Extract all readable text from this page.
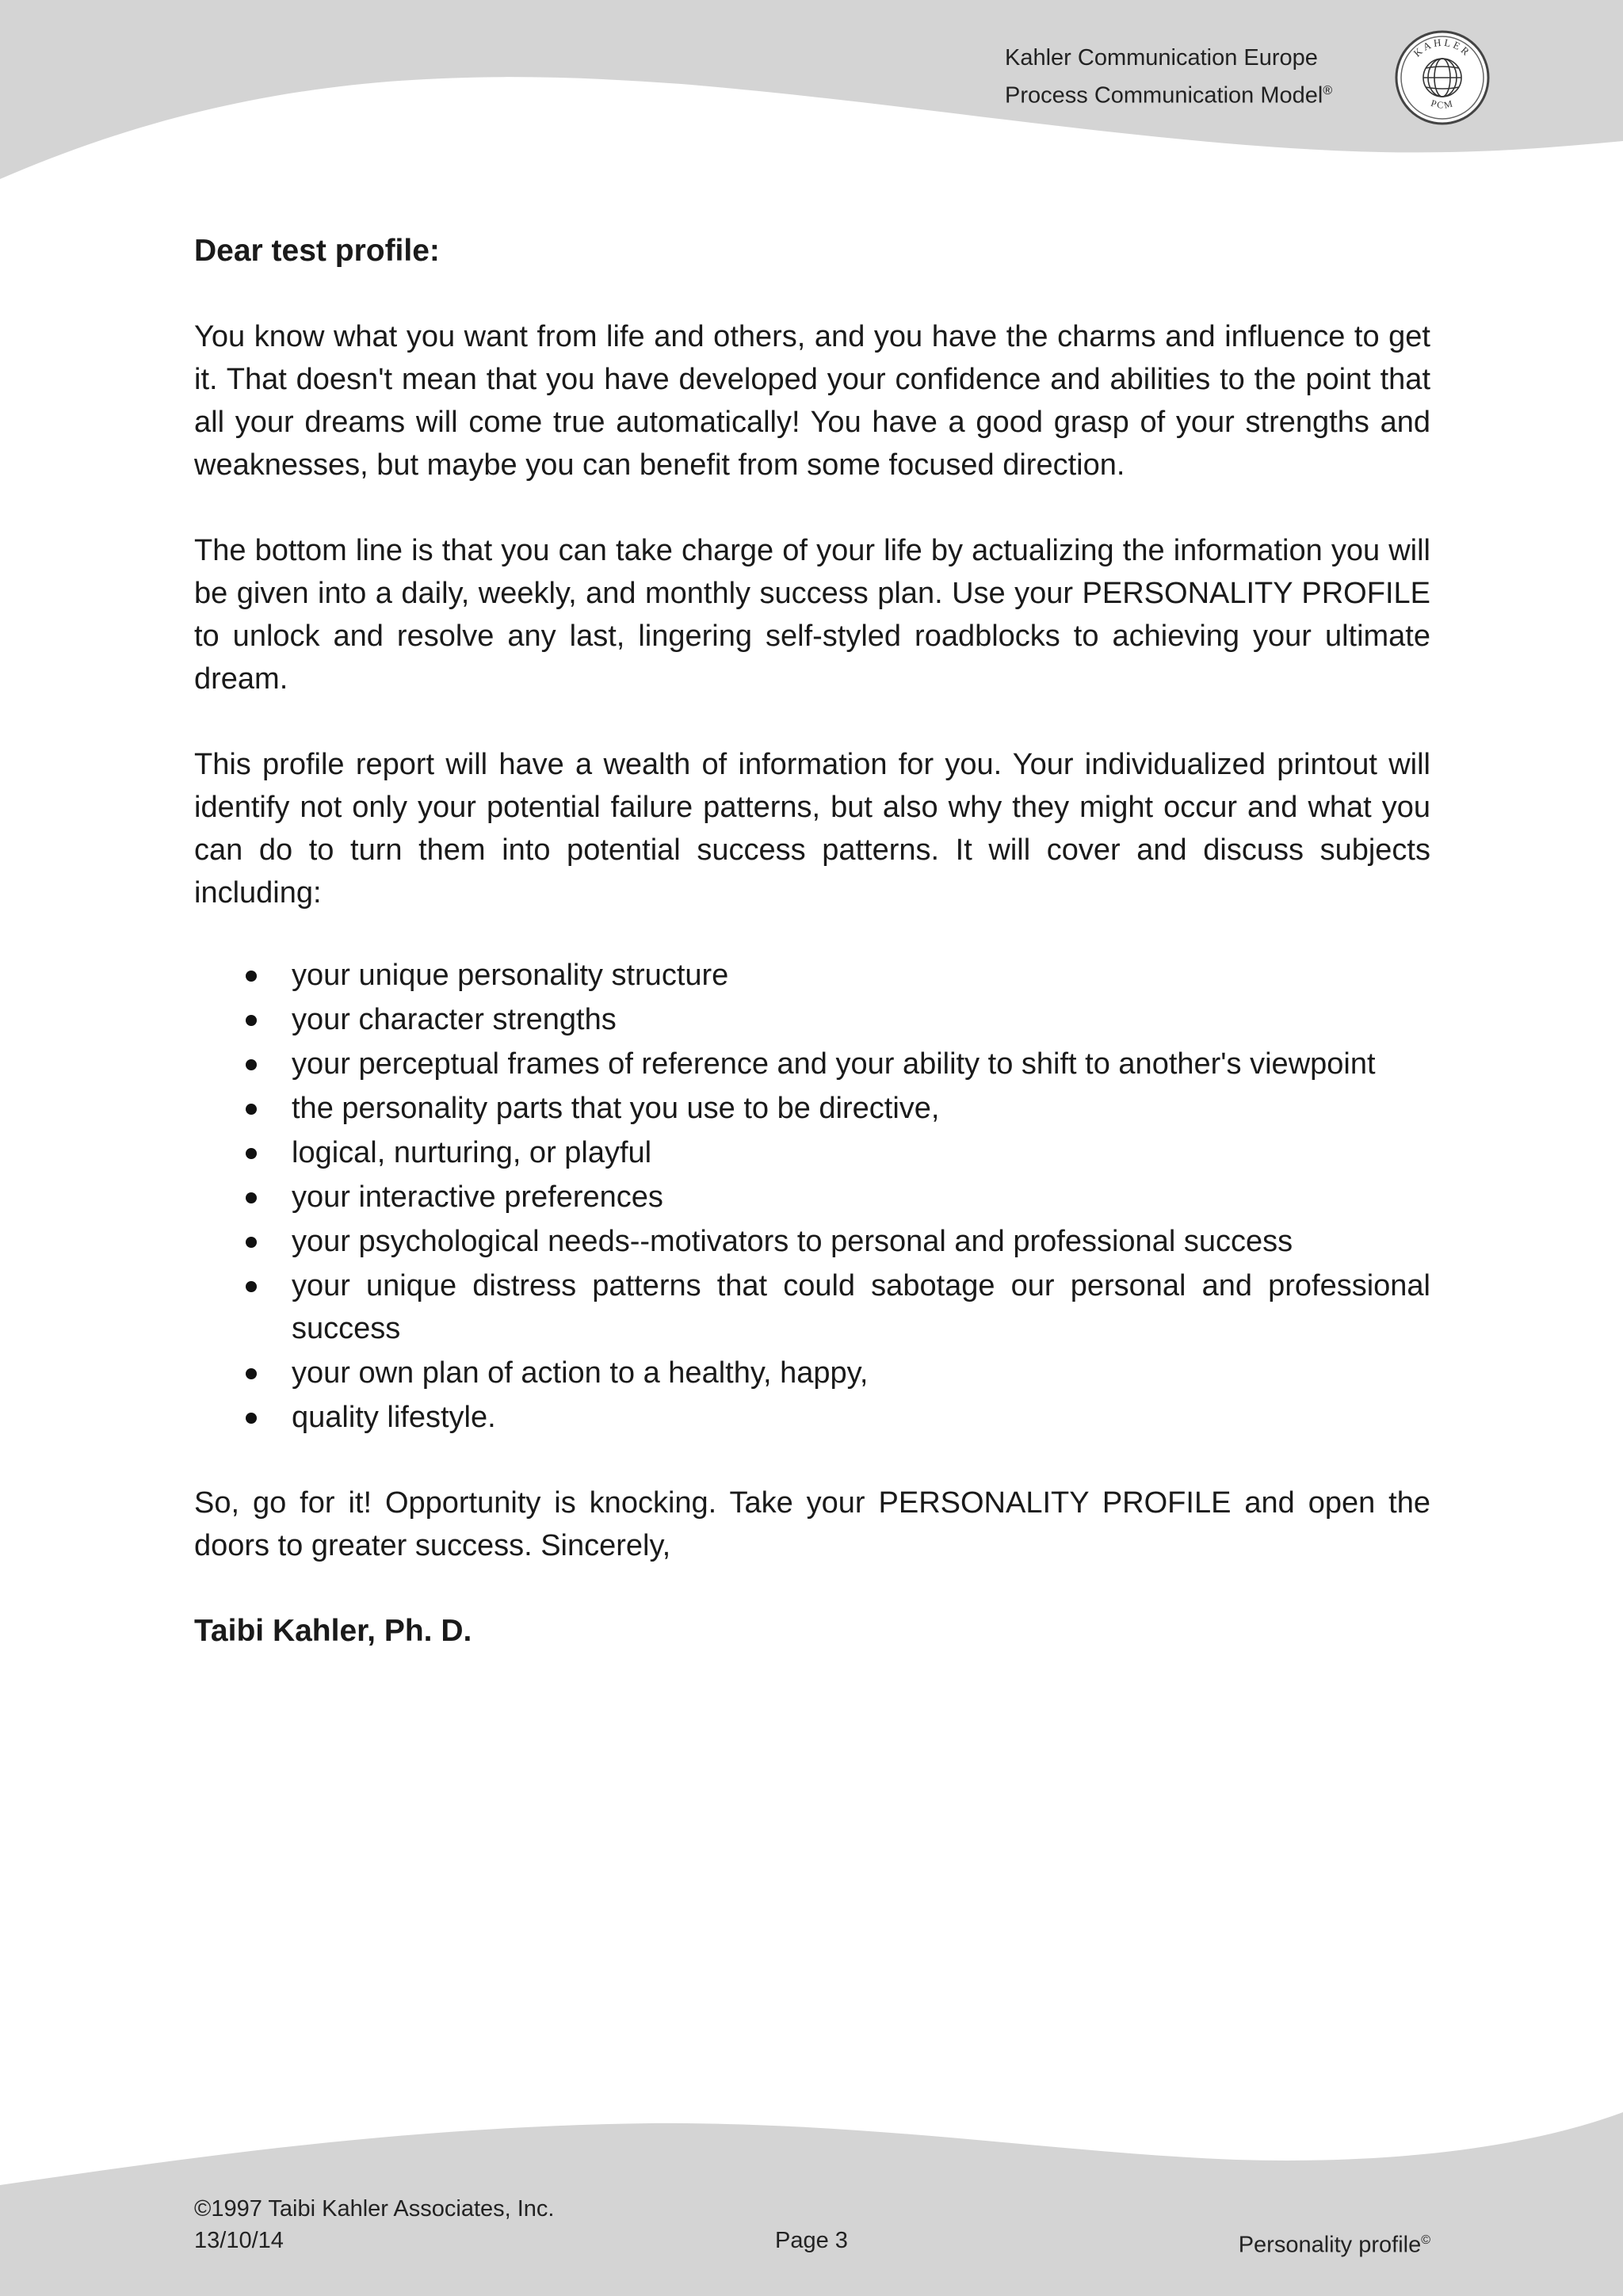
Kahler Communication Europe
Process Communication Model®
KAHLER
PCM

Dear test profile:

You know what you want from life and others, and you have the charms and influence to get it. That doesn't mean that you have developed your confidence and abilities to the point that all your dreams will come true automatically! You have a good grasp of your strengths and weaknesses, but maybe you can benefit from some focused direction.

The bottom line is that you can take charge of your life by actualizing the information you will be given into a daily, weekly, and monthly success plan. Use your PERSONALITY PROFILE to unlock and resolve any last, lingering self-styled roadblocks to achieving your ultimate dream.

This profile report will have a wealth of information for you. Your individualized printout will identify not only your potential failure patterns, but also why they might occur and what you can do to turn them into potential success patterns. It will cover and discuss subjects including:

your unique personality structure
your character strengths
your perceptual frames of reference and your ability to shift to another's viewpoint
the personality parts that you use to be directive,
logical, nurturing, or playful
your interactive preferences
your psychological needs--motivators to personal and professional success
your unique distress patterns that could sabotage our personal and professional success
your own plan of action to a healthy, happy,
quality lifestyle.

So, go for it! Opportunity is knocking. Take your PERSONALITY PROFILE and open the doors to greater success. Sincerely,

Taibi Kahler, Ph. D.

©1997 Taibi Kahler Associates, Inc.
13/10/14	Page 3	Personality profile©
